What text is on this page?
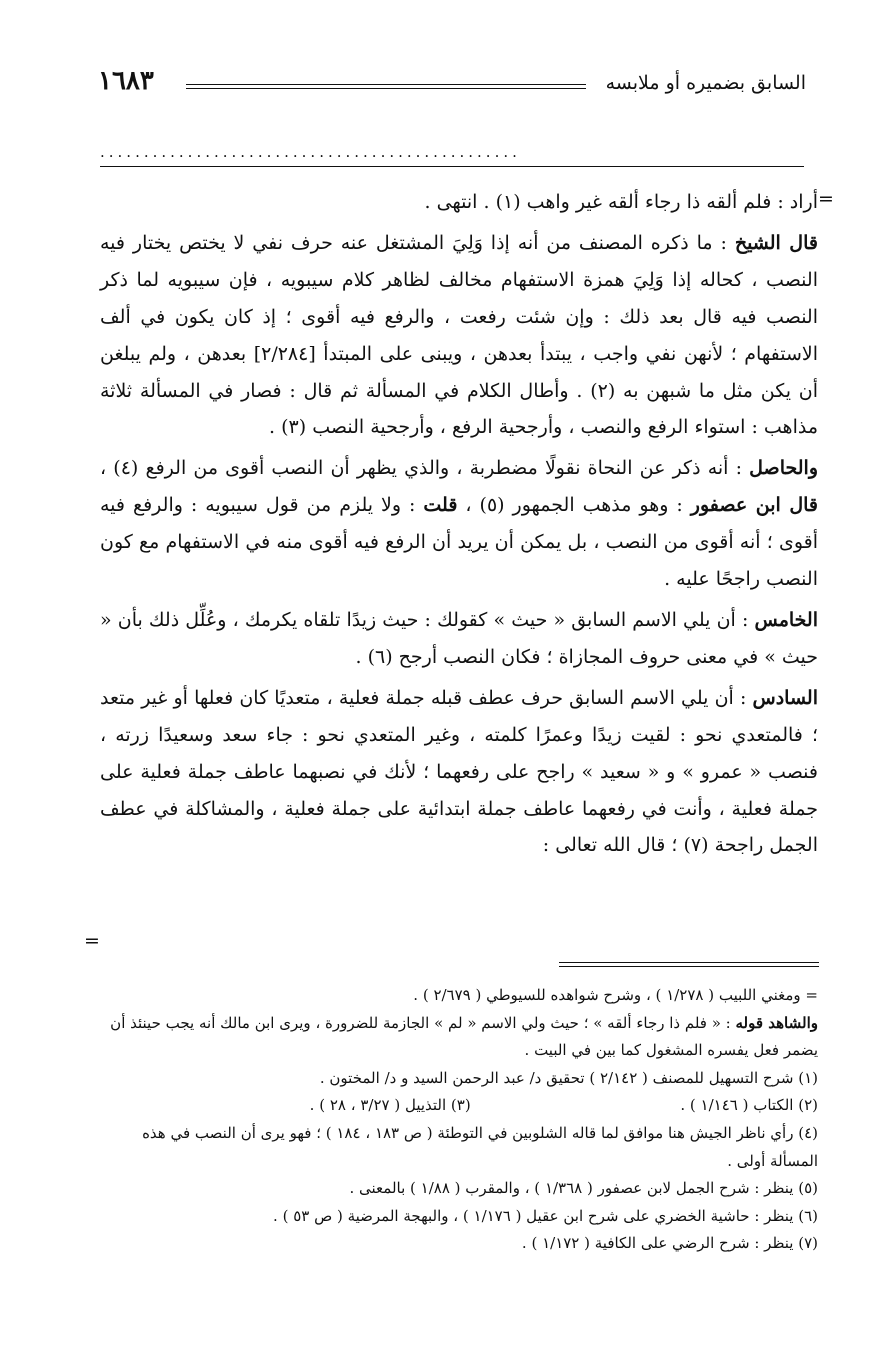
السابق بضميره أو ملابسه
١٦٨٣
................................................
=
=

أراد : فلم ألقه ذا رجاء ألقه غير واهب (١) . انتهى .

قال الشيخ : ما ذكره المصنف من أنه إذا وَلِيَ المشتغل عنه حرف نفي لا يختص يختار فيه النصب ، كحاله إذا وَلِيَ همزة الاستفهام مخالف لظاهر كلام سيبويه ، فإن سيبويه لما ذكر النصب فيه قال بعد ذلك : وإن شئت رفعت ، والرفع فيه أقوى ؛ إذ كان يكون في ألف الاستفهام ؛ لأنهن نفي واجب ، يبتدأ بعدهن ، ويبنى على المبتدأ [٢/٢٨٤] بعدهن ، ولم يبلغن أن يكن مثل ما شبهن به (٢) . وأطال الكلام في المسألة ثم قال : فصار في المسألة ثلاثة مذاهب : استواء الرفع والنصب ، وأرجحية الرفع ، وأرجحية النصب (٣) .

والحاصل : أنه ذكر عن النحاة نقولًا مضطربة ، والذي يظهر أن النصب أقوى من الرفع (٤) ، قال ابن عصفور : وهو مذهب الجمهور (٥) ، قلت : ولا يلزم من قول سيبويه : والرفع فيه أقوى ؛ أنه أقوى من النصب ، بل يمكن أن يريد أن الرفع فيه أقوى منه في الاستفهام مع كون النصب راجحًا عليه .

الخامس : أن يلي الاسم السابق « حيث » كقولك : حيث زيدًا تلقاه يكرمك ، وعُلِّل ذلك بأن « حيث » في معنى حروف المجازاة ؛ فكان النصب أرجح (٦) .

السادس : أن يلي الاسم السابق حرف عطف قبله جملة فعلية ، متعديًا كان فعلها أو غير متعد ؛ فالمتعدي نحو : لقيت زيدًا وعمرًا كلمته ، وغير المتعدي نحو : جاء سعد وسعيدًا زرته ، فنصب « عمرو » و « سعيد » راجح على رفعهما ؛ لأنك في نصبهما عاطف جملة فعلية على جملة فعلية ، وأنت في رفعهما عاطف جملة ابتدائية على جملة فعلية ، والمشاكلة في عطف الجمل راجحة (٧) ؛ قال الله تعالى :

= ومغني اللبيب ( ١/٢٧٨ ) ، وشرح شواهده للسيوطي ( ٢/٦٧٩ ) .

والشاهد قوله : « فلم ذا رجاء ألقه » ؛ حيث ولي الاسم « لم » الجازمة للضرورة ، ويرى ابن مالك أنه يجب حينئذ أن يضمر فعل يفسره المشغول كما بين في البيت .

(١) شرح التسهيل للمصنف ( ٢/١٤٢ ) تحقيق د/ عبد الرحمن السيد و د/ المختون .

(٢) الكتاب ( ١/١٤٦ ) .
(٣) التذييل ( ٣/٢٧ ، ٢٨ ) .

(٤) رأي ناظر الجيش هنا موافق لما قاله الشلوبين في التوطئة ( ص ١٨٣ ، ١٨٤ ) ؛ فهو يرى أن النصب في هذه المسألة أولى .

(٥) ينظر : شرح الجمل لابن عصفور ( ١/٣٦٨ ) ، والمقرب ( ١/٨٨ ) بالمعنى .

(٦) ينظر : حاشية الخضري على شرح ابن عقيل ( ١/١٧٦ ) ، والبهجة المرضية ( ص ٥٣ ) .

(٧) ينظر : شرح الرضي على الكافية ( ١/١٧٢ ) .
